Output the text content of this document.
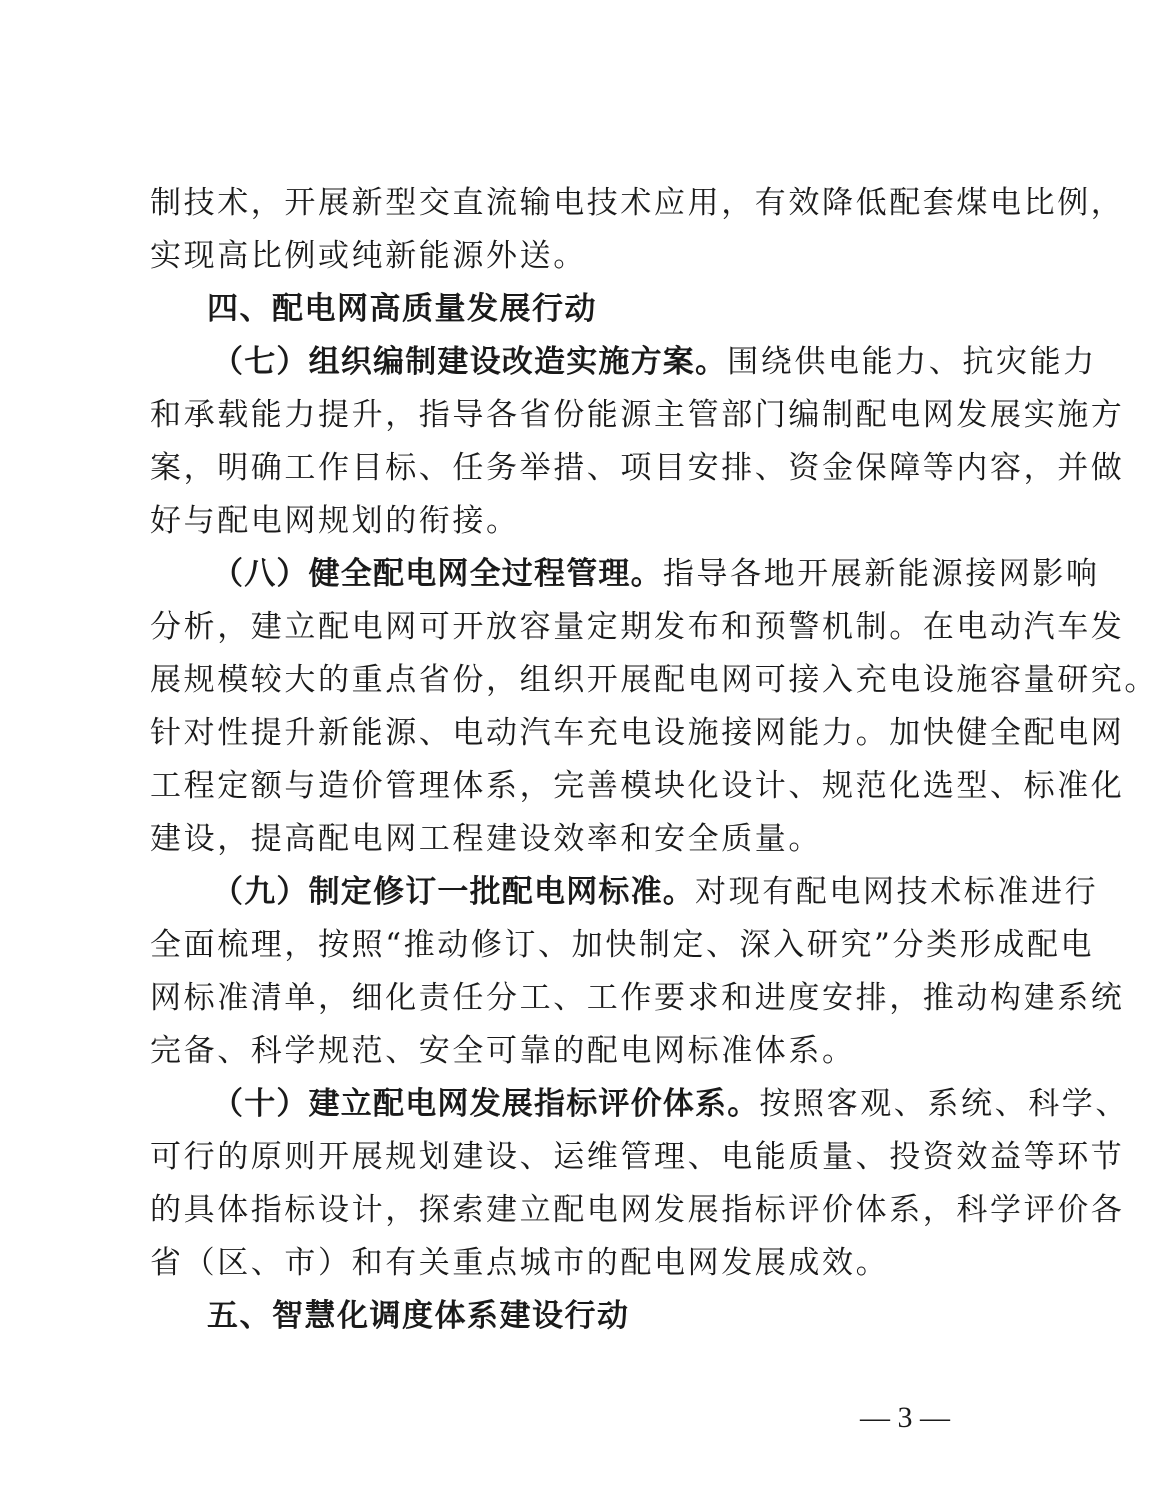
制技术，开展新型交直流输电技术应用，有效降低配套煤电比例，
实现高比例或纯新能源外送。
四、配电网高质量发展行动
（七）组织编制建设改造实施方案。围绕供电能力、抗灾能力
和承载能力提升，指导各省份能源主管部门编制配电网发展实施方
案，明确工作目标、任务举措、项目安排、资金保障等内容，并做
好与配电网规划的衔接。
（八）健全配电网全过程管理。指导各地开展新能源接网影响
分析，建立配电网可开放容量定期发布和预警机制。在电动汽车发
展规模较大的重点省份，组织开展配电网可接入充电设施容量研究。
针对性提升新能源、电动汽车充电设施接网能力。加快健全配电网
工程定额与造价管理体系，完善模块化设计、规范化选型、标准化
建设，提高配电网工程建设效率和安全质量。
（九）制定修订一批配电网标准。对现有配电网技术标准进行
全面梳理，按照“推动修订、加快制定、深入研究”分类形成配电
网标准清单，细化责任分工、工作要求和进度安排，推动构建系统
完备、科学规范、安全可靠的配电网标准体系。
（十）建立配电网发展指标评价体系。按照客观、系统、科学、
可行的原则开展规划建设、运维管理、电能质量、投资效益等环节
的具体指标设计，探索建立配电网发展指标评价体系，科学评价各
省（区、市）和有关重点城市的配电网发展成效。
五、智慧化调度体系建设行动
— 3 —
